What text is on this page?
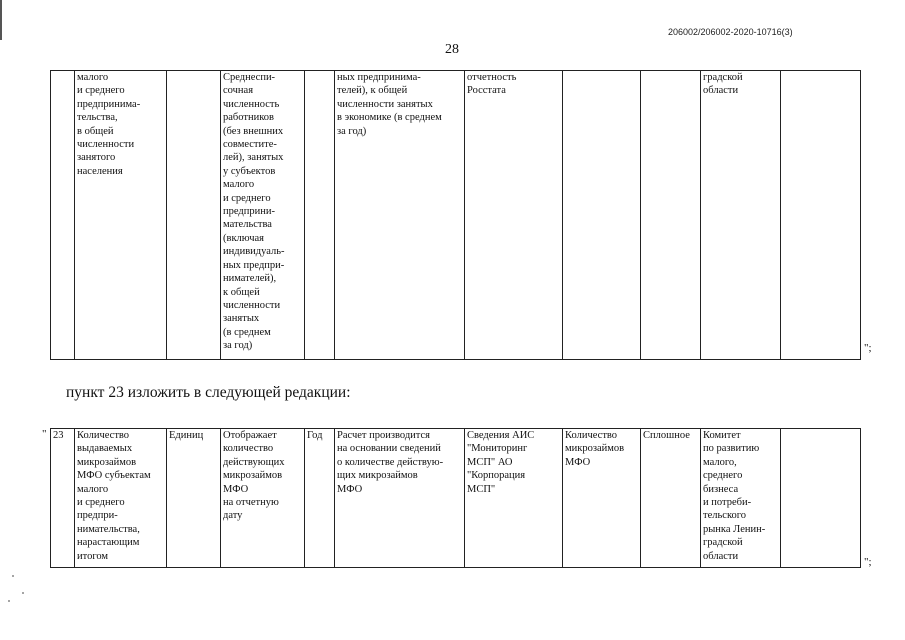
206002/206002-2020-10716(3)
28
	малого
и среднего
предпринима-
тельства,
в общей
численности
занятого
населения		Среднеспи-
сочная
численность
работников
(без внешних
совместите-
лей), занятых
у субъектов
малого
и среднего
предприни-
мательства
(включая
индивидуаль-
ных предпри-
нимателей),
к общей
численности
занятых
(в среднем
за год)		ных предпринима-
телей), к общей
численности занятых
в экономике (в среднем
за год)	отчетность
Росстата			градской
области	
";
пункт 23 изложить в следующей редакции:
" 23	Количество
выдаваемых
микрозаймов
МФО субъектам
малого
и среднего
предпри-
нимательства,
нарастающим
итогом	Единиц	Отображает
количество
действующих
микрозаймов
МФО
на отчетную
дату	Год	Расчет производится
на основании сведений
о количестве действую-
щих микрозаймов
МФО	Сведения АИС
"Мониторинг
МСП" АО
"Корпорация
МСП"	Количество
микрозаймов
МФО	Сплошное	Комитет
по развитию
малого,
среднего
бизнеса
и потреби-
тельского
рынка Ленин-
градской
области		";
